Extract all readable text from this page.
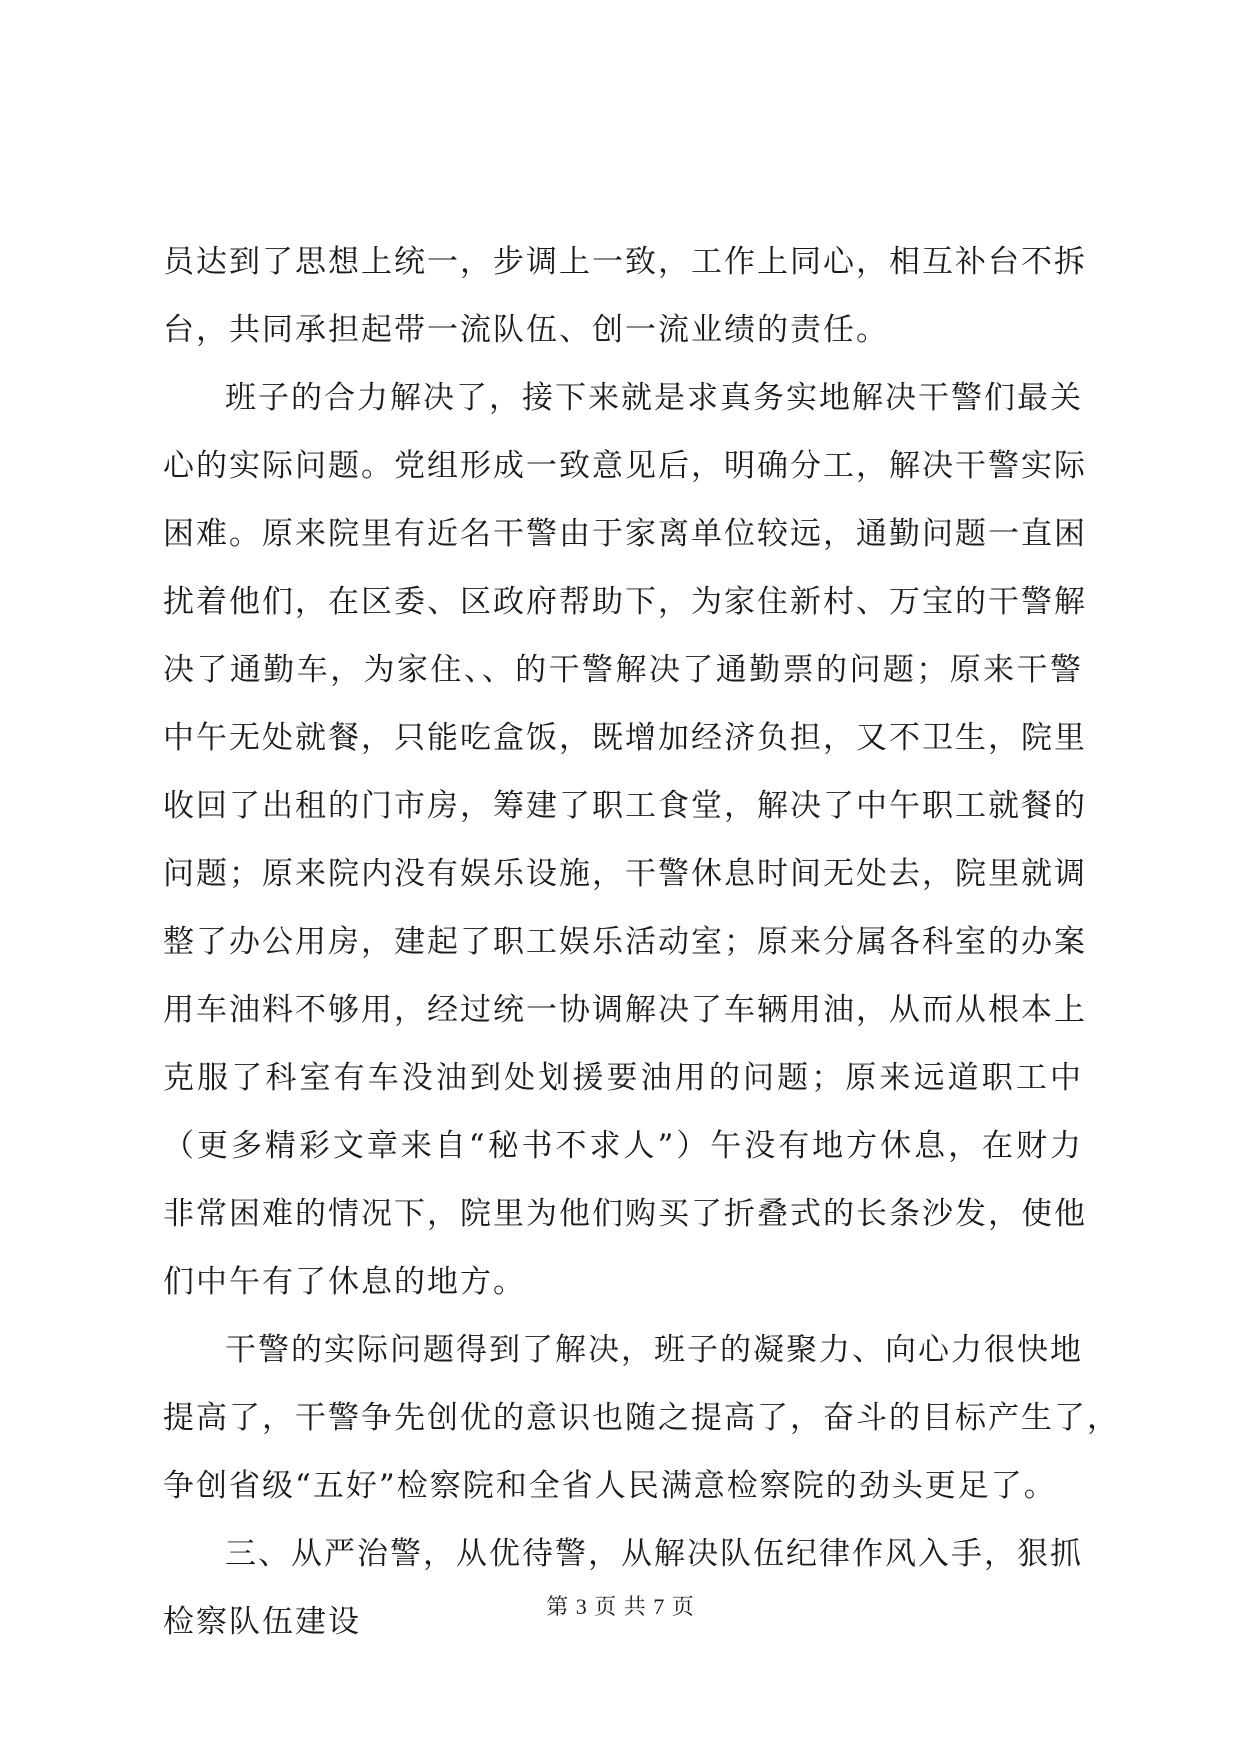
员达到了思想上统一，步调上一致，工作上同心，相互补台不拆
台，共同承担起带一流队伍、创一流业绩的责任。
班子的合力解决了，接下来就是求真务实地解决干警们最关
心的实际问题。党组形成一致意见后，明确分工，解决干警实际
困难。原来院里有近名干警由于家离单位较远，通勤问题一直困
扰着他们，在区委、区政府帮助下，为家住新村、万宝的干警解
决了通勤车，为家住、、的干警解决了通勤票的问题；原来干警
中午无处就餐，只能吃盒饭，既增加经济负担，又不卫生，院里
收回了出租的门市房，筹建了职工食堂，解决了中午职工就餐的
问题；原来院内没有娱乐设施，干警休息时间无处去，院里就调
整了办公用房，建起了职工娱乐活动室；原来分属各科室的办案
用车油料不够用，经过统一协调解决了车辆用油，从而从根本上
克服了科室有车没油到处划援要油用的问题；原来远道职工中
（更多精彩文章来自“秘书不求人”）午没有地方休息，在财力
非常困难的情况下，院里为他们购买了折叠式的长条沙发，使他
们中午有了休息的地方。
干警的实际问题得到了解决，班子的凝聚力、向心力很快地
提高了，干警争先创优的意识也随之提高了，奋斗的目标产生了，
争创省级“五好”检察院和全省人民满意检察院的劲头更足了。
三、从严治警，从优待警，从解决队伍纪律作风入手，狠抓
检察队伍建设	第 3 页 共 7 页
